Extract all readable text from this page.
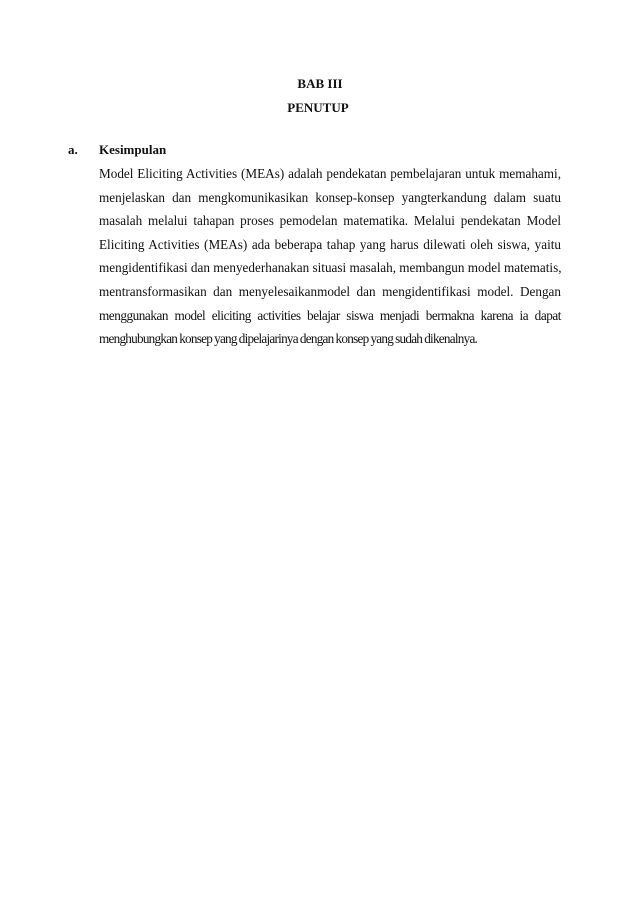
BAB III
PENUTUP
a. Kesimpulan
Model Eliciting Activities (MEAs) adalah pendekatan pembelajaran untuk memahami,
menjelaskan dan mengkomunikasikan konsep-konsep yangterkandung dalam suatu
masalah melalui tahapan proses pemodelan matematika. Melalui pendekatan Model
Eliciting Activities (MEAs) ada beberapa tahap yang harus dilewati oleh siswa, yaitu
mengidentifikasi dan menyederhanakan situasi masalah, membangun model matematis,
mentransformasikan dan menyelesaikanmodel dan mengidentifikasi model. Dengan
menggunakan model eliciting activities belajar siswa menjadi bermakna karena ia dapat
menghubungkan konsep yang dipelajarinya dengan konsep yang sudah dikenalnya.
